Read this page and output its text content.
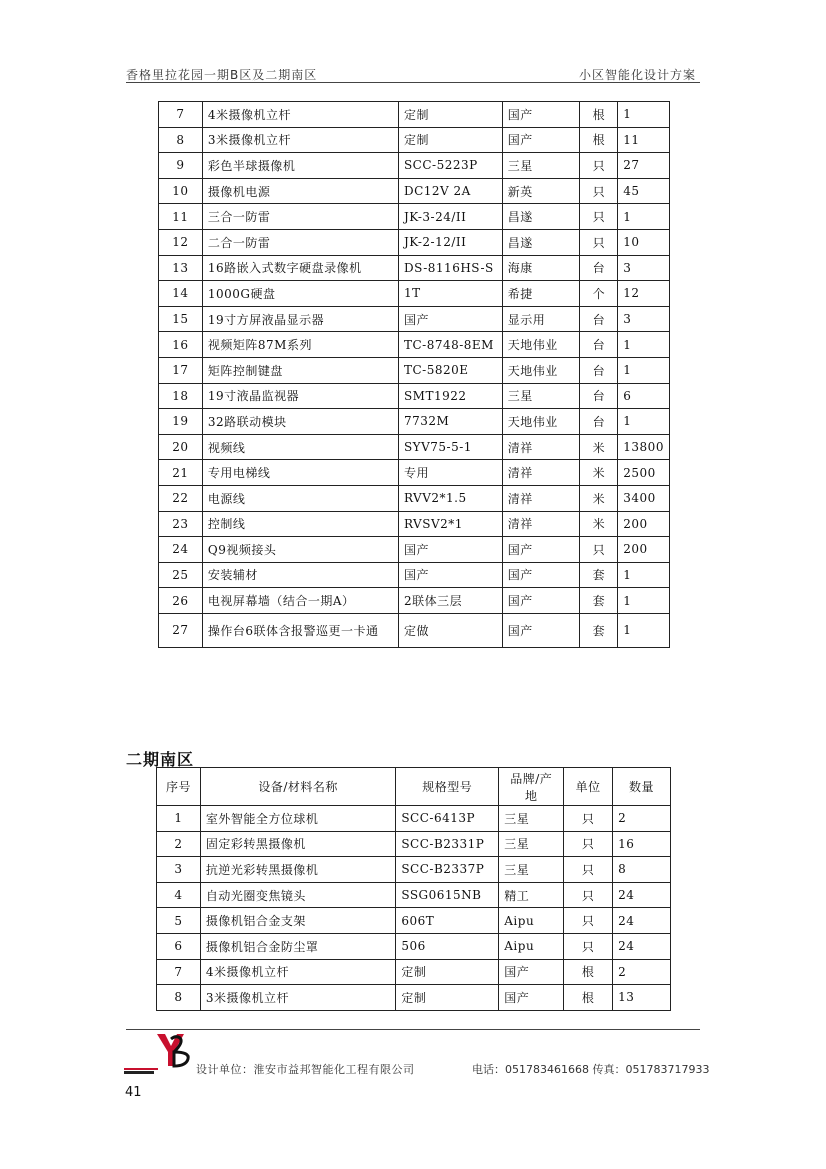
香格里拉花园一期B区及二期南区	小区智能化设计方案
7	4米摄像机立杆	定制	国产	根	1
8	3米摄像机立杆	定制	国产	根	11
9	彩色半球摄像机	SCC-5223P	三星	只	27
10	摄像机电源	DC12V 2A	新英	只	45
11	三合一防雷	JK-3-24/II	昌遂	只	1
12	二合一防雷	JK-2-12/II	昌遂	只	10
13	16路嵌入式数字硬盘录像机	DS-8116HS-S	海康	台	3
14	1000G硬盘	1T	希捷	个	12
15	19寸方屏液晶显示器	国产	显示用	台	3
16	视频矩阵87M系列	TC-8748-8EM	天地伟业	台	1
17	矩阵控制键盘	TC-5820E	天地伟业	台	1
18	19寸液晶监视器	SMT1922	三星	台	6
19	32路联动模块	7732M	天地伟业	台	1
20	视频线	SYV75-5-1	清祥	米	13800
21	专用电梯线	专用	清祥	米	2500
22	电源线	RVV2*1.5	清祥	米	3400
23	控制线	RVSV2*1	清祥	米	200
24	Q9视频接头	国产	国产	只	200
25	安装辅材	国产	国产	套	1
26	电视屏幕墙（结合一期A）	2联体三层	国产	套	1
27	操作台6联体含报警巡更一卡通	定做	国产	套	1
二期南区
序号	设备/材料名称	规格型号	品牌/产地	单位	数量
1	室外智能全方位球机	SCC-6413P	三星	只	2
2	固定彩转黑摄像机	SCC-B2331P	三星	只	16
3	抗逆光彩转黑摄像机	SCC-B2337P	三星	只	8
4	自动光圈变焦镜头	SSG0615NB	精工	只	24
5	摄像机铝合金支架	606T	Aipu	只	24
6	摄像机铝合金防尘罩	506	Aipu	只	24
7	4米摄像机立杆	定制	国产	根	2
8	3米摄像机立杆	定制	国产	根	13
设计单位：淮安市益邦智能化工程有限公司	电话：051783461668 传真：051783717933
41
